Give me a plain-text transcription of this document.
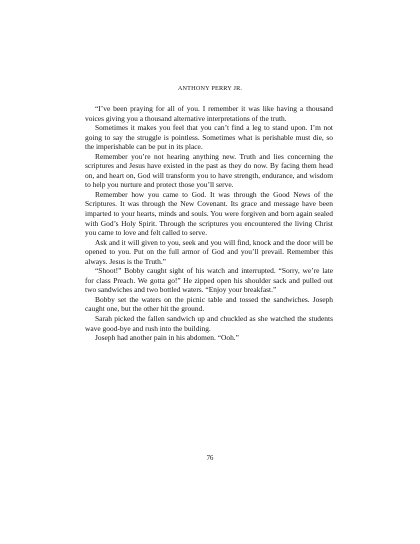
ANTHONY PERRY JR.

“I’ve been praying for all of you. I remember it was like having a thousand voices giving you a thousand alternative interpretations of the truth.

Sometimes it makes you feel that you can’t find a leg to stand upon. I’m not going to say the struggle is pointless. Sometimes what is perishable must die, so the imperishable can be put in its place.

Remember you’re not hearing anything new. Truth and lies concerning the scriptures and Jesus have existed in the past as they do now. By facing them head on, and heart on, God will transform you to have strength, endurance, and wisdom to help you nurture and protect those you’ll serve.

Remember how you came to God. It was through the Good News of the Scriptures. It was through the New Covenant. Its grace and message have been imparted to your hearts, minds and souls. You were forgiven and born again sealed with God’s Holy Spirit. Through the scriptures you encountered the living Christ you came to love and felt called to serve.

Ask and it will given to you, seek and you will find, knock and the door will be opened to you. Put on the full armor of God and you’ll prevail. Remember this always. Jesus is the Truth.”

“Shoot!” Bobby caught sight of his watch and interrupted. “Sorry, we’re late for class Preach. We gotta go!” He zipped open his shoulder sack and pulled out two sandwiches and two bottled waters. “Enjoy your breakfast.”

Bobby set the waters on the picnic table and tossed the sandwiches. Joseph caught one, but the other hit the ground.

Sarah picked the fallen sandwich up and chuckled as she watched the students wave good-bye and rush into the building.

Joseph had another pain in his abdomen. “Ooh.”

76
